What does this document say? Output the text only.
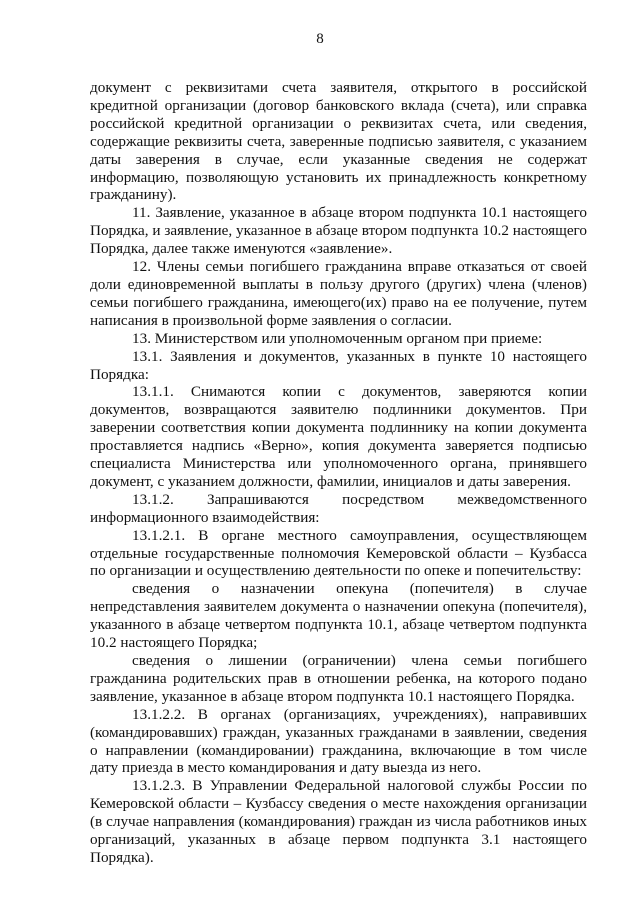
8

документ с реквизитами счета заявителя, открытого в российской кредитной организации (договор банковского вклада (счета), или справка российской кредитной организации о реквизитах счета, или сведения, содержащие реквизиты счета, заверенные подписью заявителя, с указанием даты заверения в случае, если указанные сведения не содержат информацию, позволяющую установить их принадлежность конкретному гражданину).

11. Заявление, указанное в абзаце втором подпункта 10.1 настоящего Порядка, и заявление, указанное в абзаце втором подпункта 10.2 настоящего Порядка, далее также именуются «заявление».

12. Члены семьи погибшего гражданина вправе отказаться от своей доли единовременной выплаты в пользу другого (других) члена (членов) семьи погибшего гражданина, имеющего(их) право на ее получение, путем написания в произвольной форме заявления о согласии.

13. Министерством или уполномоченным органом при приеме:

13.1. Заявления и документов, указанных в пункте 10 настоящего Порядка:

13.1.1. Снимаются копии с документов, заверяются копии документов, возвращаются заявителю подлинники документов. При заверении соответствия копии документа подлиннику на копии документа проставляется надпись «Верно», копия документа заверяется подписью специалиста Министерства или уполномоченного органа, принявшего документ, с указанием должности, фамилии, инициалов и даты заверения.

13.1.2. Запрашиваются посредством межведомственного информационного взаимодействия:

13.1.2.1. В органе местного самоуправления, осуществляющем отдельные государственные полномочия Кемеровской области – Кузбасса по организации и осуществлению деятельности по опеке и попечительству:

сведения о назначении опекуна (попечителя) в случае непредставления заявителем документа о назначении опекуна (попечителя), указанного в абзаце четвертом подпункта 10.1, абзаце четвертом подпункта 10.2 настоящего Порядка;

сведения о лишении (ограничении) члена семьи погибшего гражданина родительских прав в отношении ребенка, на которого подано заявление, указанное в абзаце втором подпункта 10.1 настоящего Порядка.

13.1.2.2. В органах (организациях, учреждениях), направивших (командировавших) граждан, указанных гражданами в заявлении, сведения о направлении (командировании) гражданина, включающие в том числе дату приезда в место командирования и дату выезда из него.

13.1.2.3. В Управлении Федеральной налоговой службы России по Кемеровской области – Кузбассу сведения о месте нахождения организации (в случае направления (командирования) граждан из числа работников иных организаций, указанных в абзаце первом подпункта 3.1 настоящего Порядка).
